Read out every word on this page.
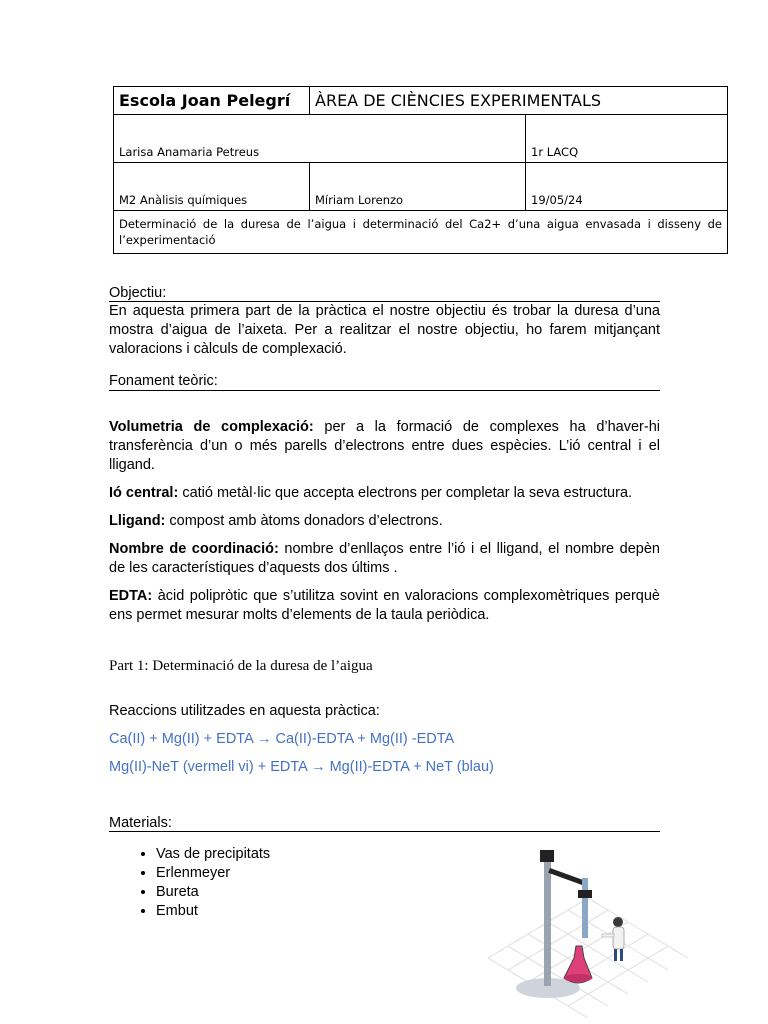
Escola Joan Pelegrí	ÀREA DE CIÈNCIES EXPERIMENTALS	
Larisa Anamaria Petreus		1r LACQ
M2 Anàlisis químiques	Míriam Lorenzo	19/05/24
Determinació de la duresa de l’aigua i determinació del Ca2+ d’una aigua envasada i disseny de l’experimentació		
Objectiu:

En aquesta primera part de la pràctica el nostre objectiu és trobar la duresa d’una mostra d’aigua de l’aixeta. Per a realitzar el nostre objectiu, ho farem mitjançant valoracions i càlculs de complexació.

Fonament teòric:

Volumetria de complexació: per a la formació de complexes ha d’haver-hi transferència d’un o més parells d’electrons entre dues espècies. L’ió central i el lligand.

Ió central: catió metàl·lic que accepta electrons per completar la seva estructura.

Lligand: compost amb àtoms donadors d’electrons.

Nombre de coordinació: nombre d’enllaços entre l’ió i el lligand, el nombre depèn de les característiques d’aquests dos últims .

EDTA: àcid polipròtic que s’utilitza sovint en valoracions complexomètriques perquè ens permet mesurar molts d’elements de la taula periòdica.

Part 1: Determinació de la duresa de l’aigua
Reaccions utilitzades en aquesta pràctica:
Ca(II) + Mg(II) + EDTA → Ca(II)-EDTA + Mg(II) -EDTA
Mg(II)-NeT (vermell vi) + EDTA → Mg(II)-EDTA + NeT (blau)
Materials:
• Vas de precipitats
• Erlenmeyer
• Bureta
• Embut
